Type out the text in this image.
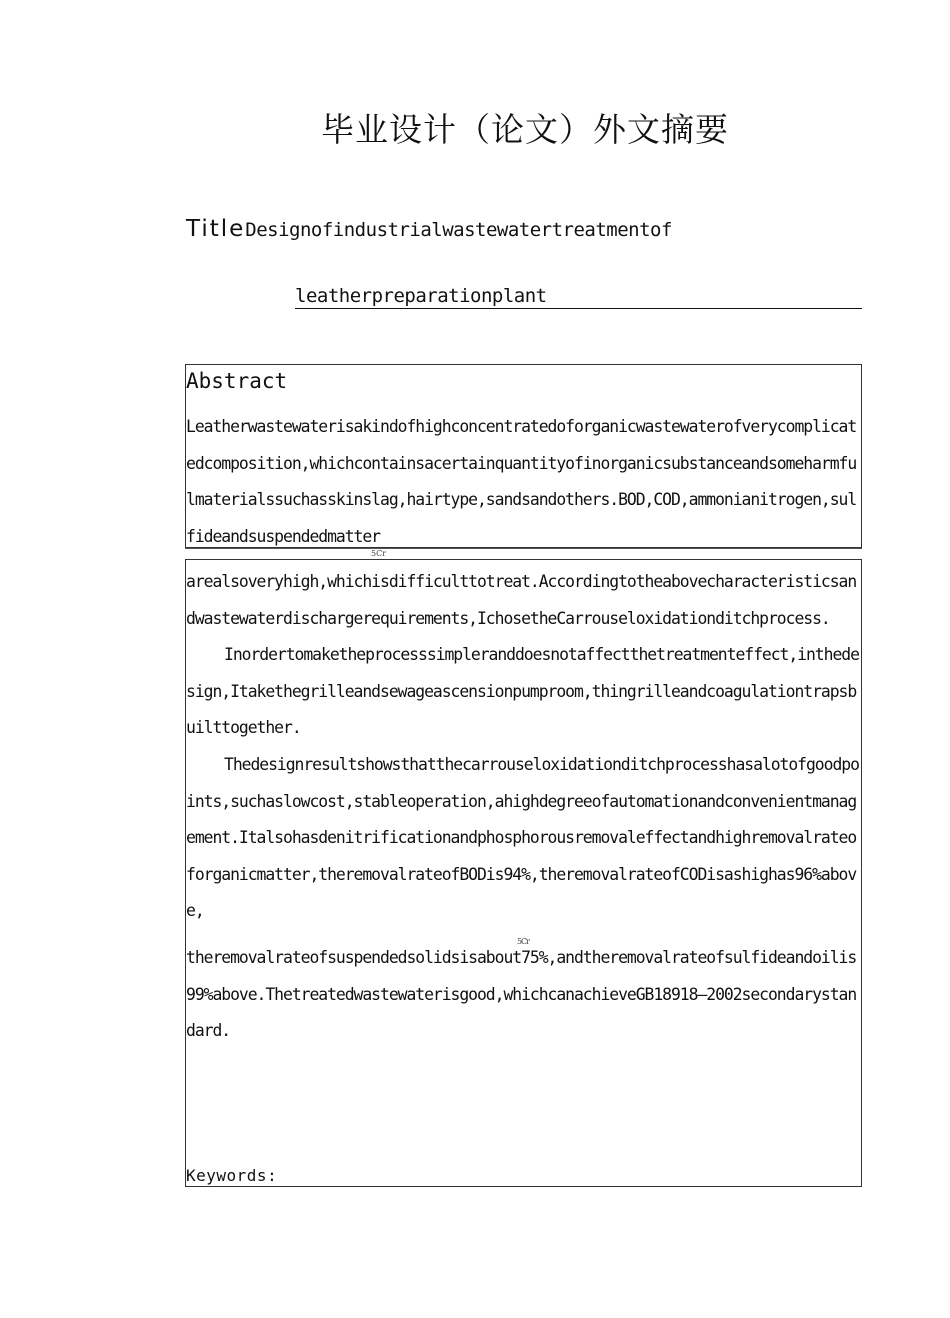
毕业设计（论文）外文摘要
TitleDesignofindustrialwastewatertreatmentof
leatherpreparationplant
Abstract
Leatherwastewaterisakindofhighconcentratedoforganicwastewaterofverycomplicatedcomposition,whichcontainsacertainquantityofinorganicsubstanceandsomeharmfulmaterialssuchasskinslag,hairtype,sandsandothers.BOD,COD,ammonianitrogen,sulfideandsuspendedmatter
5Cr
arealsoveryhigh,whichisdifficulttotreat.Accordingtotheabovecharacteristicsandwastewaterdischargerequirements,IchosetheCarrouseloxidationditchprocess.
Inordertomaketheprocesssimpleranddoesnotaffectthetreatmenteffect,inthedesign,Itakethegrilleandsewageascensionpumproom,thingrilleandcoagulationtrapsbuilttogether.
Thedesignresultshowsthatthecarrouseloxidationditchprocesshasalotofgoodpoints,suchaslowcost,stableoperation,ahighdegreeofautomationandconvenientmanagement.Italsohasdenitrificationandphosphorousremovaleffectandhighremovalrateoforganicmatter,theremovalrateofBODis94%,theremovalrateofCODisashighas96%above,
5Cr
theremovalrateofsuspendedsolidsisabout75%,andtheremovalrateofsulfideandoilis99%above.Thetreatedwastewaterisgood,whichcanachieveGB18918—2002secondarystandard.
Keywords:
